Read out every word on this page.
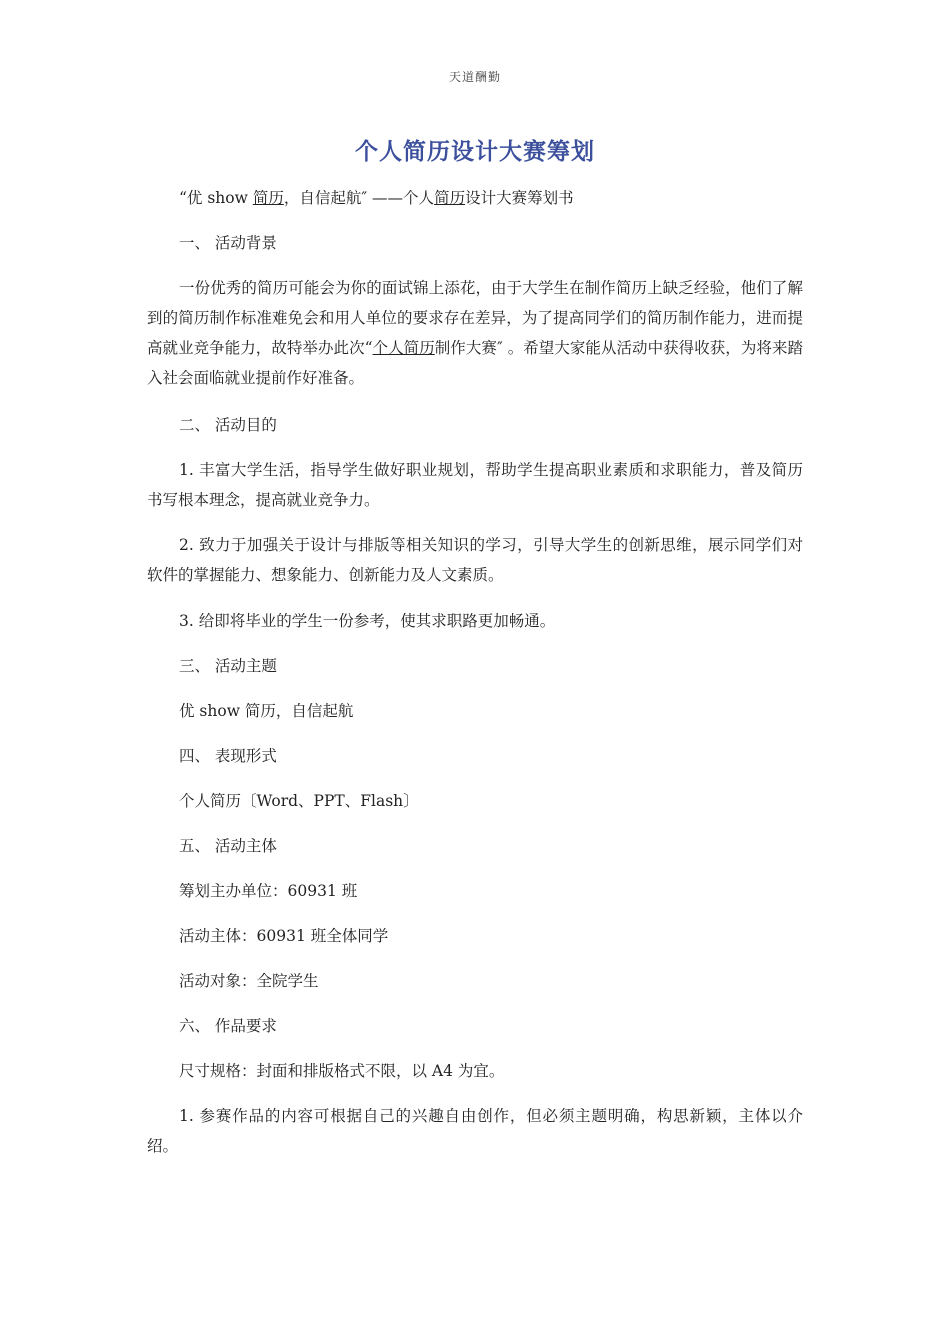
天道酬勤
个人简历设计大赛筹划

“优 show 简历，自信起航″ ——个人简历设计大赛筹划书

一、 活动背景

一份优秀的简历可能会为你的面试锦上添花，由于大学生在制作简历上缺乏经验，他们了解到的简历制作标准难免会和用人单位的要求存在差异，为了提高同学们的简历制作能力，进而提高就业竞争能力，故特举办此次“个人简历制作大赛″ 。希望大家能从活动中获得收获，为将来踏入社会面临就业提前作好准备。

二、 活动目的

1. 丰富大学生活，指导学生做好职业规划，帮助学生提高职业素质和求职能力，普及简历书写根本理念，提高就业竞争力。

2. 致力于加强关于设计与排版等相关知识的学习，引导大学生的创新思维，展示同学们对软件的掌握能力、想象能力、创新能力及人文素质。

3. 给即将毕业的学生一份参考，使其求职路更加畅通。

三、 活动主题

优 show 简历，自信起航

四、 表现形式

个人简历〔Word、PPT、Flash〕

五、 活动主体

筹划主办单位：60931 班

活动主体：60931 班全体同学

活动对象：全院学生

六、 作品要求

尺寸规格：封面和排版格式不限，以 A4 为宜。

1. 参赛作品的内容可根据自己的兴趣自由创作，但必须主题明确，构思新颖，主体以介绍。
